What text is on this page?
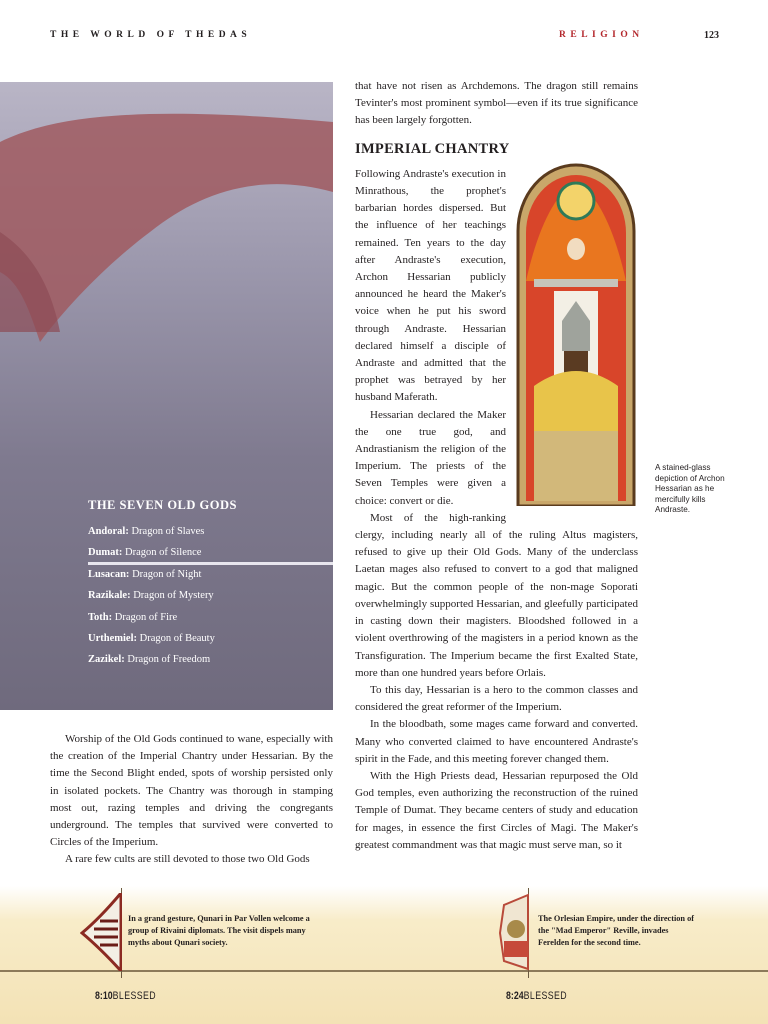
THE WORLD OF THEDAS	RELIGION	123
THE SEVEN OLD GODS
Andoral: Dragon of Slaves
Dumat: Dragon of Silence
Lusacan: Dragon of Night
Razikale: Dragon of Mystery
Toth: Dragon of Fire
Urthemiel: Dragon of Beauty
Zazikel: Dragon of Freedom

Worship of the Old Gods continued to wane, especially with the creation of the Imperial Chantry under Hessarian. By the time the Second Blight ended, spots of worship persisted only in isolated pockets. The Chantry was thorough in stamping most out, razing temples and driving the congregants underground. The temples that survived were converted to Circles of the Imperium.

A rare few cults are still devoted to those two Old Gods

that have not risen as Archdemons. The dragon still remains Tevinter's most prominent symbol—even if its true significance has been largely forgotten.

IMPERIAL CHANTRY

Following Andraste's execution in Minrathous, the prophet's barbarian hordes dispersed. But the influence of her teachings remained. Ten years to the day after Andraste's execution, Archon Hessarian publicly announced he heard the Maker's voice when he put his sword through Andraste. Hessarian declared himself a disciple of Andraste and admitted that the prophet was betrayed by her husband Maferath.

Hessarian declared the Maker the one true god, and Andrastianism the religion of the Imperium. The priests of the Seven Temples were given a choice: convert or die.

Most of the high-ranking clergy, including nearly all of the ruling Altus magisters, refused to give up their Old Gods. Many of the underclass Laetan mages also refused to convert to a god that maligned magic. But the common people of the non-mage Soporati overwhelmingly supported Hessarian, and gleefully participated in casting down their magisters. Bloodshed followed in a violent overthrowing of the magisters in a period known as the Transfiguration. The Imperium became the first Exalted State, more than one hundred years before Orlais.

To this day, Hessarian is a hero to the common classes and considered the great reformer of the Imperium.

In the bloodbath, some mages came forward and converted. Many who converted claimed to have encountered Andraste's spirit in the Fade, and this meeting forever changed them.

With the High Priests dead, Hessarian repurposed the Old God temples, even authorizing the reconstruction of the ruined Temple of Dumat. They became centers of study and education for mages, in essence the first Circles of Magi. The Maker's greatest commandment was that magic must serve man, so it

A stained-glass depiction of Archon Hessarian as he mercifully kills Andraste.
In a grand gesture, Qunari in Par Vollen welcome a group of Rivaini diplomats. The visit dispels many myths about Qunari society.
The Orlesian Empire, under the direction of the "Mad Emperor" Reville, invades Ferelden for the second time.
8:10BLESSED	8:24BLESSED
